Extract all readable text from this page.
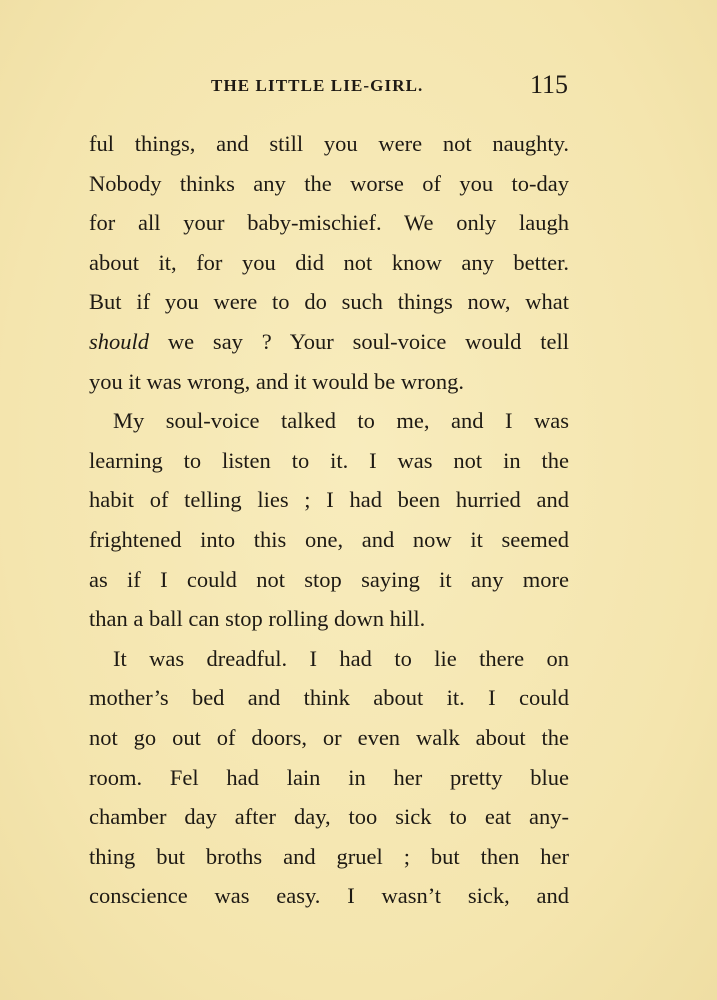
THE LITTLE LIE-GIRL.	115
ful things, and still you were not naughty.
Nobody thinks any the worse of you to-day
for all your baby-mischief. We only laugh
about it, for you did not know any better.
But if you were to do such things now, what
should we say ? Your soul-voice would tell
you it was wrong, and it would be wrong.
My soul-voice talked to me, and I was
learning to listen to it. I was not in the
habit of telling lies ; I had been hurried and
frightened into this one, and now it seemed
as if I could not stop saying it any more
than a ball can stop rolling down hill.
It was dreadful. I had to lie there on
mother’s bed and think about it. I could
not go out of doors, or even walk about the
room. Fel had lain in her pretty blue
chamber day after day, too sick to eat any-
thing but broths and gruel ; but then her
conscience was easy. I wasn’t sick, and
